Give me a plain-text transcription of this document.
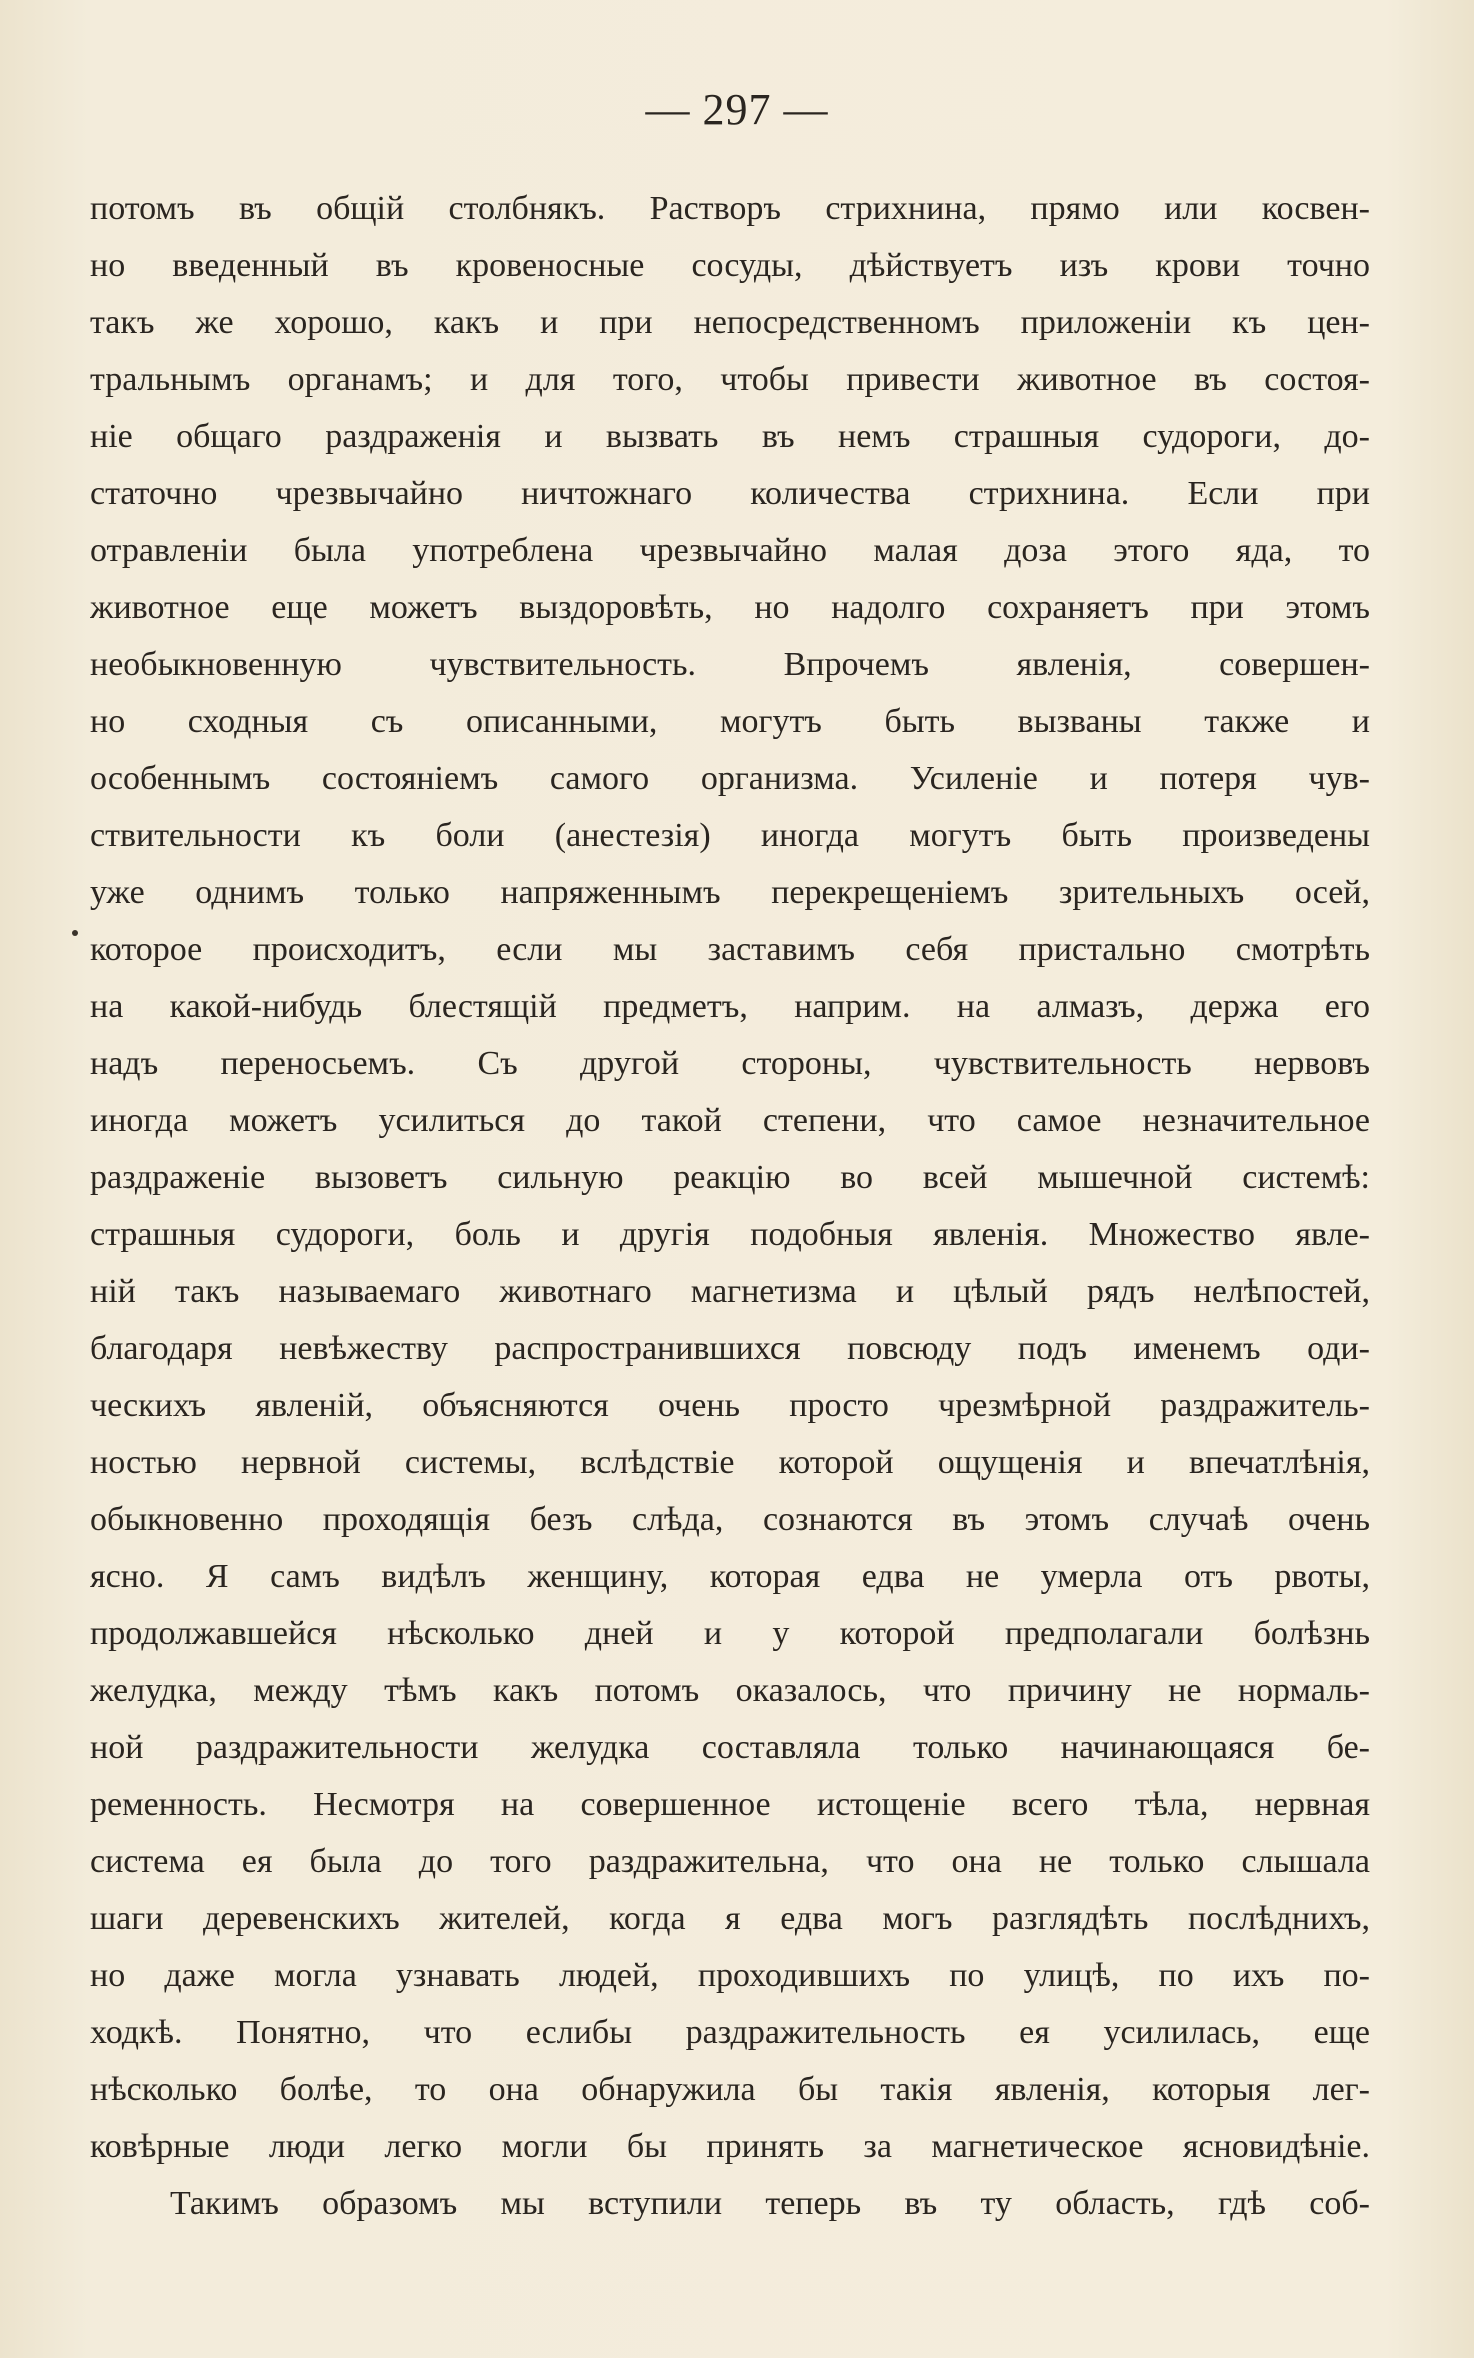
— 297 —
потомъ въ общій столбнякъ. Растворъ стрихнина, прямо или косвен-
но введенный въ кровеносные сосуды, дѣйствуетъ изъ крови точно
такъ же хорошо, какъ и при непосредственномъ приложеніи къ цен-
тральнымъ органамъ; и для того, чтобы привести животное въ состоя-
ніе общаго раздраженія и вызвать въ немъ страшныя судороги, до-
статочно чрезвычайно ничтожнаго количества стрихнина. Если при
отравленіи была употреблена чрезвычайно малая доза этого яда, то
животное еще можетъ выздоровѣть, но надолго сохраняетъ при этомъ
необыкновенную чувствительность. Впрочемъ явленія, совершен-
но сходныя съ описанными, могутъ быть вызваны также и
особеннымъ состояніемъ самого организма. Усиленіе и потеря чув-
ствительности къ боли (анестезія) иногда могутъ быть произведены
уже однимъ только напряженнымъ перекрещеніемъ зрительныхъ осей,
которое происходитъ, если мы заставимъ себя пристально смотрѣть
на какой-нибудь блестящій предметъ, наприм. на алмазъ, держа его
надъ переносьемъ. Съ другой стороны, чувствительность нервовъ
иногда можетъ усилиться до такой степени, что самое незначительное
раздраженіе вызоветъ сильную реакцію во всей мышечной системѣ:
страшныя судороги, боль и другія подобныя явленія. Множество явле-
ній такъ называемаго животнаго магнетизма и цѣлый рядъ нелѣпостей,
благодаря невѣжеству распространившихся повсюду подъ именемъ оди-
ческихъ явленій, объясняются очень просто чрезмѣрной раздражитель-
ностью нервной системы, вслѣдствіе которой ощущенія и впечатлѣнія,
обыкновенно проходящія безъ слѣда, сознаются въ этомъ случаѣ очень
ясно. Я самъ видѣлъ женщину, которая едва не умерла отъ рвоты,
продолжавшейся нѣсколько дней и у которой предполагали болѣзнь
желудка, между тѣмъ какъ потомъ оказалось, что причину не нормаль-
ной раздражительности желудка составляла только начинающаяся бе-
ременность. Несмотря на совершенное истощеніе всего тѣла, нервная
система ея была до того раздражительна, что она не только слышала
шаги деревенскихъ жителей, когда я едва могъ разглядѣть послѣднихъ,
но даже могла узнавать людей, проходившихъ по улицѣ, по ихъ по-
ходкѣ. Понятно, что еслибы раздражительность ея усилилась, еще
нѣсколько болѣе, то она обнаружила бы такія явленія, которыя лег-
ковѣрные люди легко могли бы принять за магнетическое ясновидѣніе.
Такимъ образомъ мы вступили теперь въ ту область, гдѣ соб-
